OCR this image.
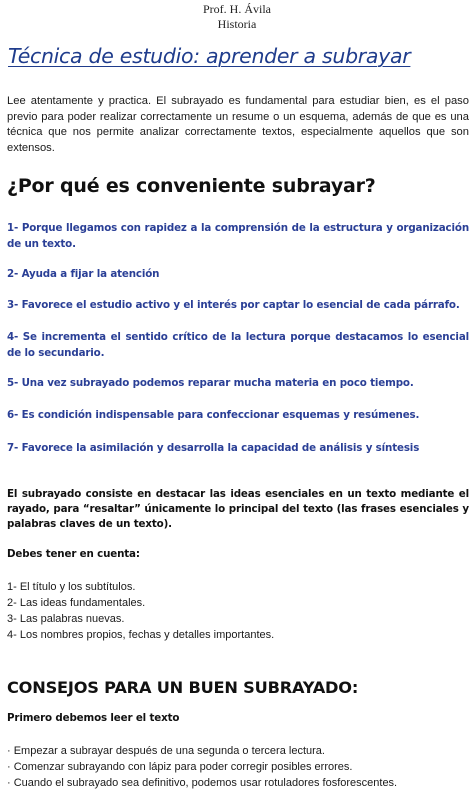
Prof. H. Ávila
Historia
Técnica de estudio: aprender a subrayar
Lee atentamente y practica. El subrayado es fundamental para estudiar bien, es el paso previo para poder realizar correctamente un resume o un esquema, además de que es una técnica que nos permite analizar correctamente textos, especialmente aquellos que son extensos.
¿Por qué es conveniente subrayar?
1- Porque llegamos con rapidez a la comprensión de la estructura y organización de un texto.
2- Ayuda a fijar la atención
3- Favorece el estudio activo y el interés por captar lo esencial de cada párrafo.
4- Se incrementa el sentido crítico de la lectura porque destacamos lo esencial de lo secundario.
5- Una vez subrayado podemos reparar mucha materia en poco tiempo.
6- Es condición indispensable para confeccionar esquemas y resúmenes.
7- Favorece la asimilación y desarrolla la capacidad de análisis y síntesis
El subrayado consiste en destacar las ideas esenciales en un texto mediante el rayado, para “resaltar” únicamente lo principal del texto (las frases esenciales y palabras claves de un texto).
Debes tener en cuenta:
1- El título y los subtítulos.
2- Las ideas fundamentales.
3- Las palabras nuevas.
4- Los nombres propios, fechas y detalles importantes.
CONSEJOS PARA UN BUEN SUBRAYADO:
Primero debemos leer el texto
· Empezar a subrayar después de una segunda o tercera lectura.
· Comenzar subrayando con lápiz para poder corregir posibles errores.
· Cuando el subrayado sea definitivo, podemos usar rotuladores fosforescentes.
